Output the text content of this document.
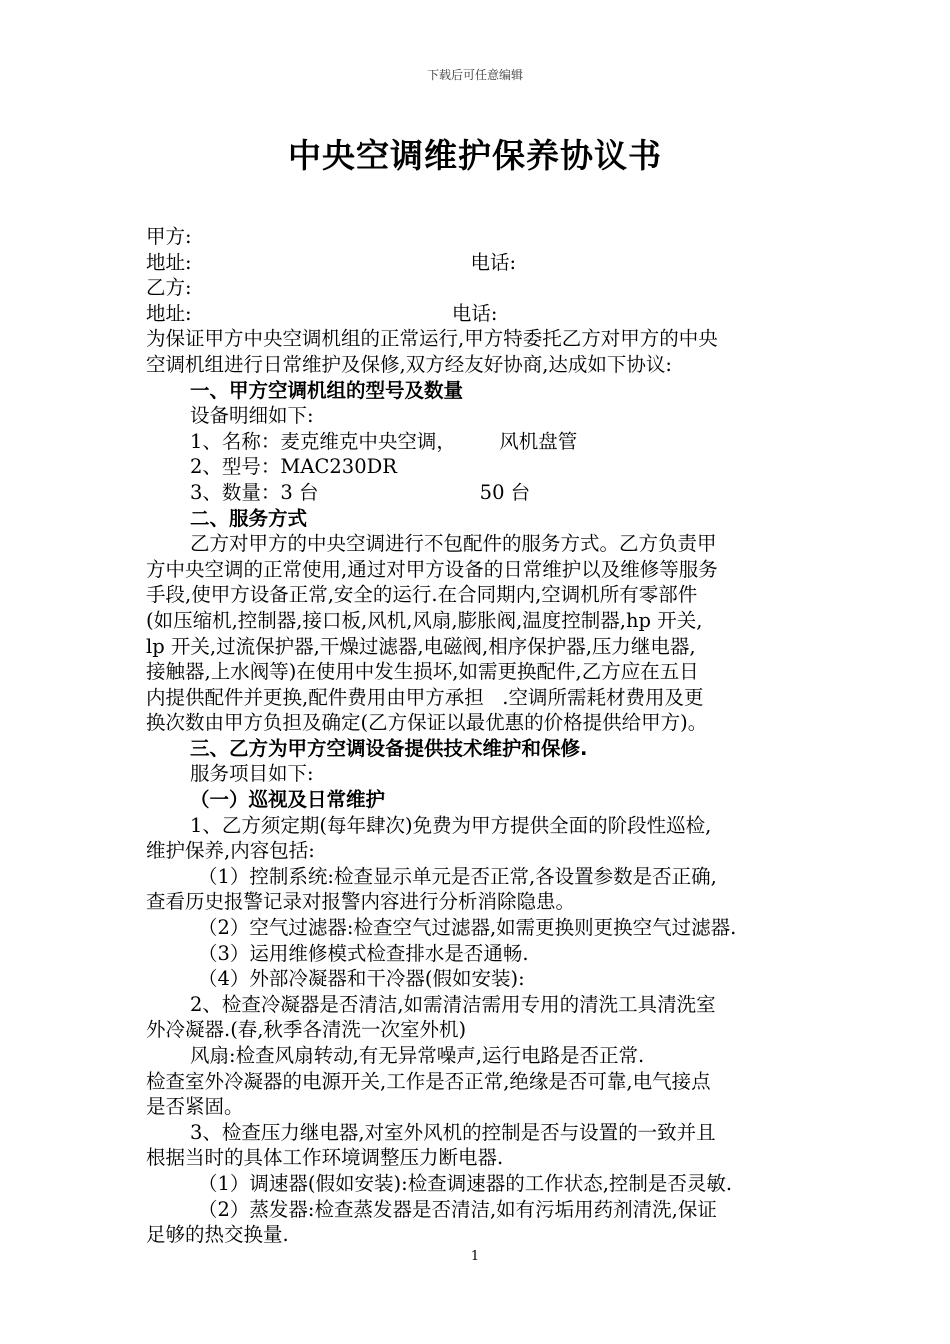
下载后可任意编辑
中央空调维护保养协议书
甲方:
地址:                                             电话:
乙方:
地址:                                          电话:
为保证甲方中央空调机组的正常运行,甲方特委托乙方对甲方的中央
空调机组进行日常维护及保修,双方经友好协商,达成如下协议:
一、甲方空调机组的型号及数量
设备明细如下:
1、名称：麦克维克中央空调，       风机盘管
2、型号：MAC230DR
3、数量：3 台                          50 台
二、服务方式
乙方对甲方的中央空调进行不包配件的服务方式。乙方负责甲
方中央空调的正常使用,通过对甲方设备的日常维护以及维修等服务
手段,使甲方设备正常,安全的运行.在合同期内,空调机所有零部件
(如压缩机,控制器,接口板,风机,风扇,膨胀阀,温度控制器,hp 开关,
lp 开关,过流保护器,干燥过滤器,电磁阀,相序保护器,压力继电器,
接触器,上水阀等)在使用中发生损坏,如需更换配件,乙方应在五日
内提供配件并更换,配件费用由甲方承担   .空调所需耗材费用及更
换次数由甲方负担及确定(乙方保证以最优惠的价格提供给甲方)。
三、乙方为甲方空调设备提供技术维护和保修.
服务项目如下:
（一）巡视及日常维护
1、乙方须定期(每年肆次)免费为甲方提供全面的阶段性巡检,
维护保养,内容包括:
（1）控制系统:检查显示单元是否正常,各设置参数是否正确,
查看历史报警记录对报警内容进行分析消除隐患。
（2）空气过滤器:检查空气过滤器,如需更换则更换空气过滤器.
（3）运用维修模式检查排水是否通畅.
（4）外部冷凝器和干冷器(假如安装):
2、检查冷凝器是否清洁,如需清洁需用专用的清洗工具清洗室
外冷凝器.(春,秋季各清洗一次室外机)
风扇:检查风扇转动,有无异常噪声,运行电路是否正常.
检查室外冷凝器的电源开关,工作是否正常,绝缘是否可靠,电气接点
是否紧固。
3、检查压力继电器,对室外风机的控制是否与设置的一致并且
根据当时的具体工作环境调整压力断电器.
（1）调速器(假如安装):检查调速器的工作状态,控制是否灵敏.
（2）蒸发器:检查蒸发器是否清洁,如有污垢用药剂清洗,保证
足够的热交换量.
1
